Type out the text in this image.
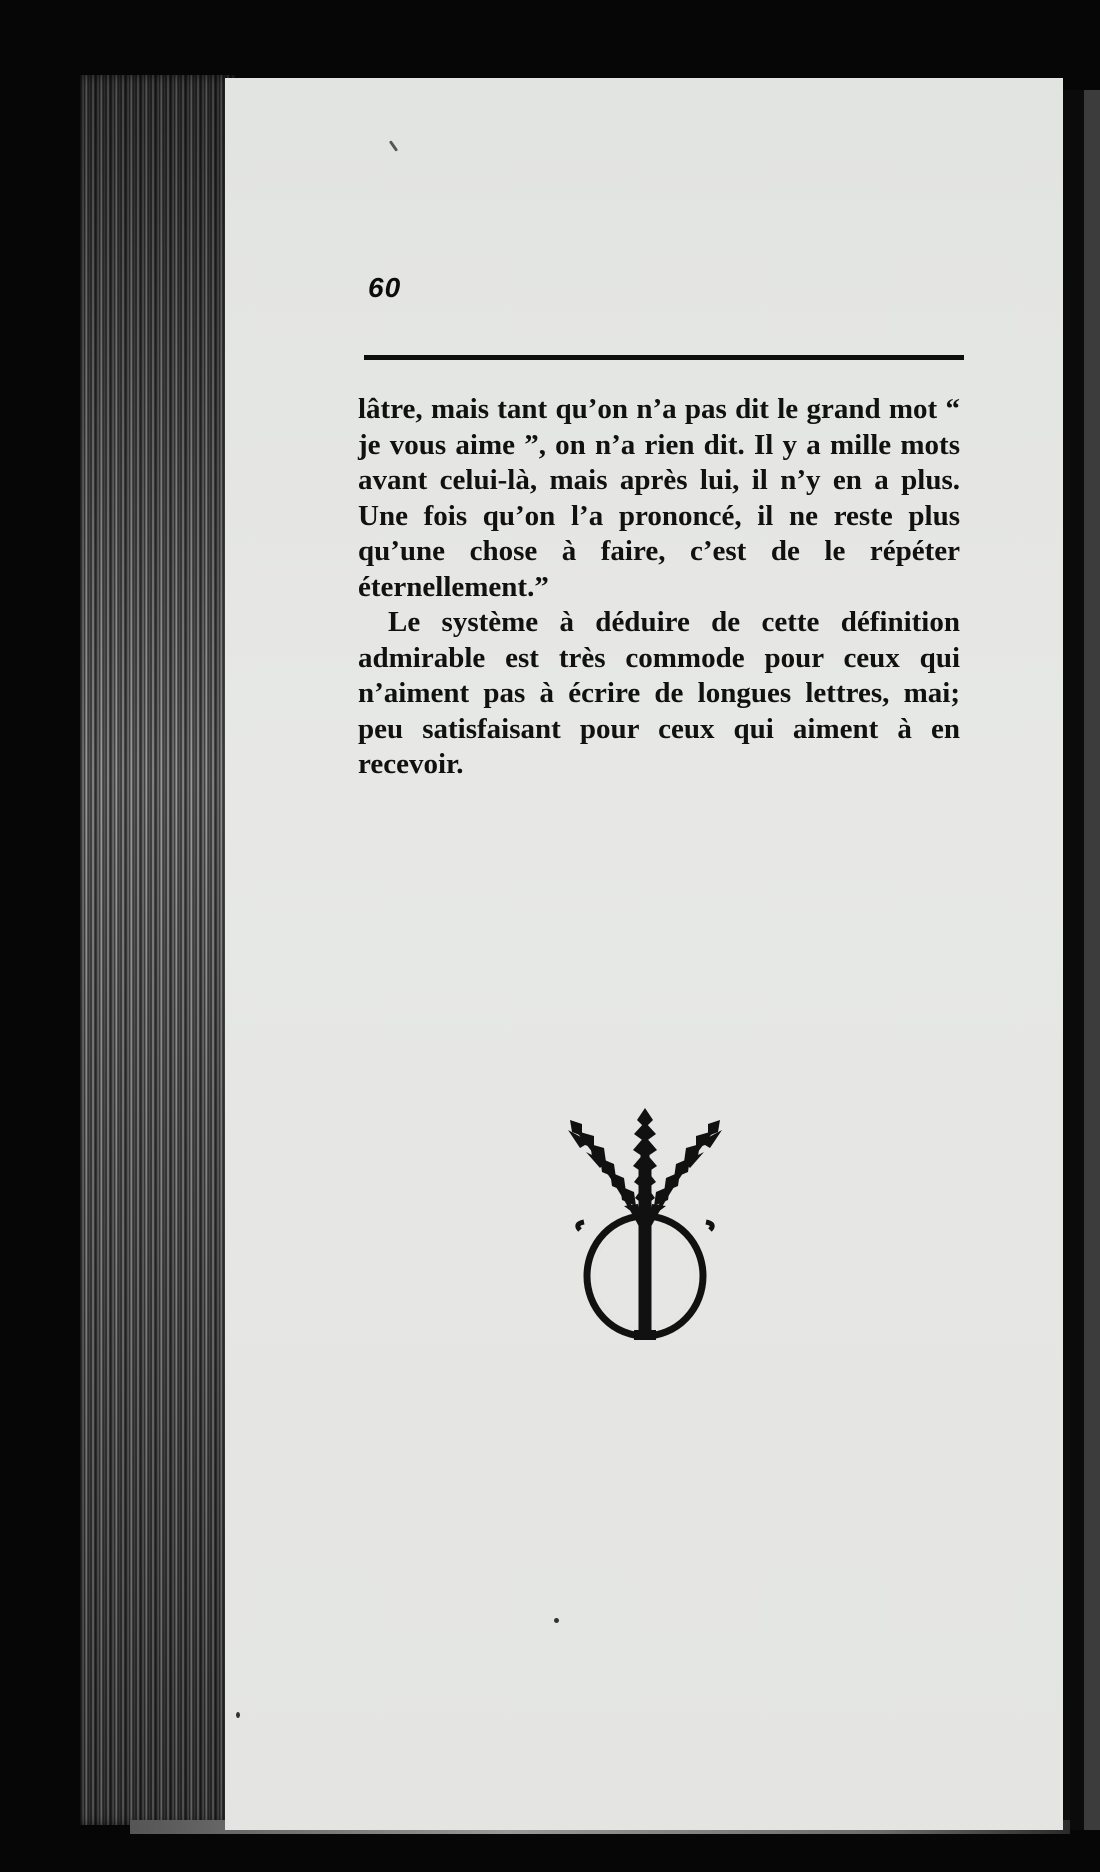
60

lâtre, mais tant qu’on n’a pas dit le grand mot “ je vous aime ”, on n’a rien dit. Il y a mille mots avant celui-là, mais après lui, il n’y en a plus. Une fois qu’on l’a prononcé, il ne reste plus qu’une chose à faire, c’est de le répéter éternellement.”

Le système à déduire de cette définition admirable est très commode pour ceux qui n’aiment pas à écrire de longues lettres, mai; peu satisfaisant pour ceux qui aiment à en recevoir.
